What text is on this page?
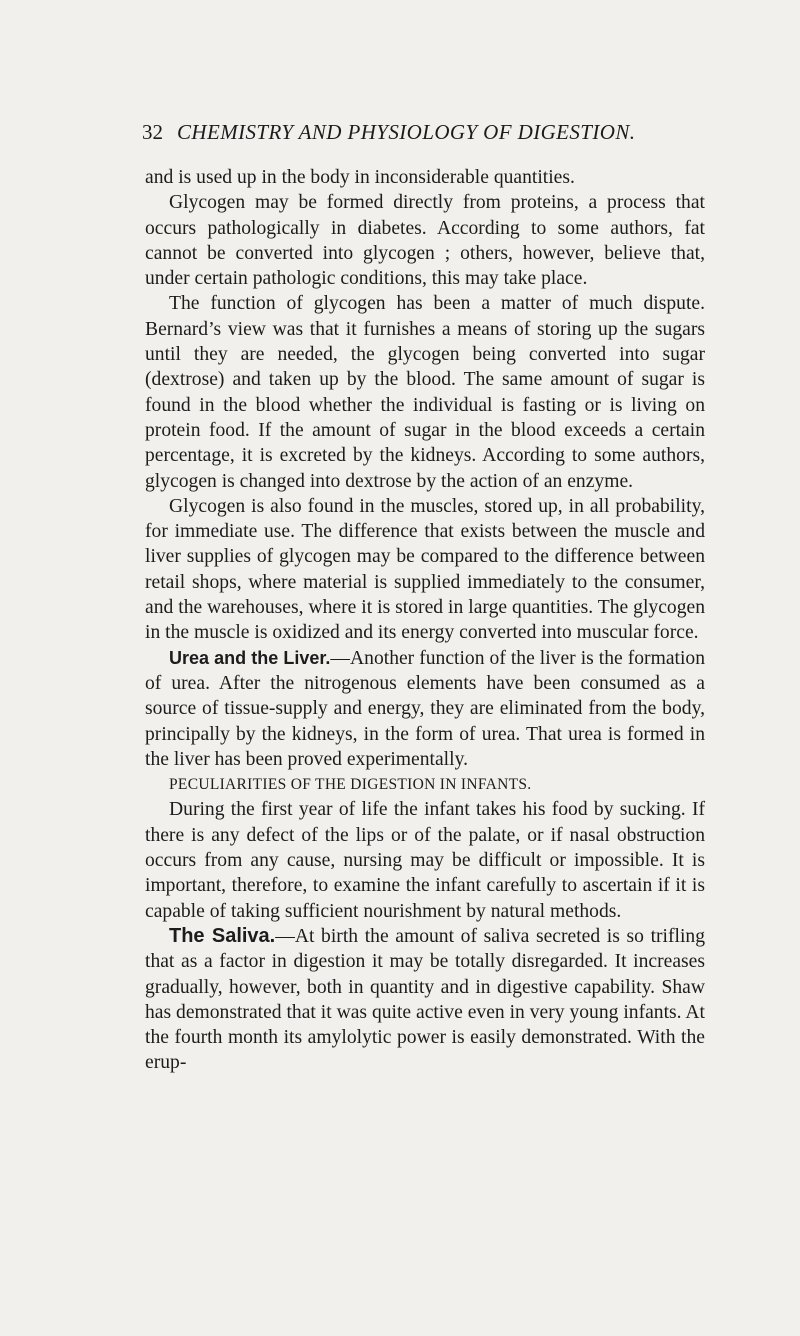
32 CHEMISTRY AND PHYSIOLOGY OF DIGESTION.

and is used up in the body in inconsiderable quantities.

Glycogen may be formed directly from proteins, a process that occurs pathologically in diabetes. According to some authors, fat cannot be converted into glycogen ; others, however, believe that, under certain pathologic conditions, this may take place.

The function of glycogen has been a matter of much dispute. Bernard’s view was that it furnishes a means of storing up the sugars until they are needed, the glycogen being converted into sugar (dextrose) and taken up by the blood. The same amount of sugar is found in the blood whether the individual is fasting or is living on protein food. If the amount of sugar in the blood exceeds a certain percentage, it is excreted by the kidneys. According to some authors, glycogen is changed into dextrose by the action of an enzyme.

Glycogen is also found in the muscles, stored up, in all probability, for immediate use. The difference that exists between the muscle and liver supplies of glycogen may be compared to the difference between retail shops, where material is supplied immediately to the consumer, and the warehouses, where it is stored in large quantities. The glycogen in the muscle is oxidized and its energy converted into muscular force.

Urea and the Liver.—Another function of the liver is the formation of urea. After the nitrogenous elements have been consumed as a source of tissue-supply and energy, they are eliminated from the body, principally by the kidneys, in the form of urea. That urea is formed in the liver has been proved experimentally.

PECULIARITIES OF THE DIGESTION IN INFANTS.

During the first year of life the infant takes his food by sucking. If there is any defect of the lips or of the palate, or if nasal obstruction occurs from any cause, nursing may be difficult or impossible. It is important, therefore, to examine the infant carefully to ascertain if it is capable of taking sufficient nourishment by natural methods.

The Saliva.—At birth the amount of saliva secreted is so trifling that as a factor in digestion it may be totally disregarded. It increases gradually, however, both in quantity and in digestive capability. Shaw has demonstrated that it was quite active even in very young infants. At the fourth month its amylolytic power is easily demonstrated. With the erup-
